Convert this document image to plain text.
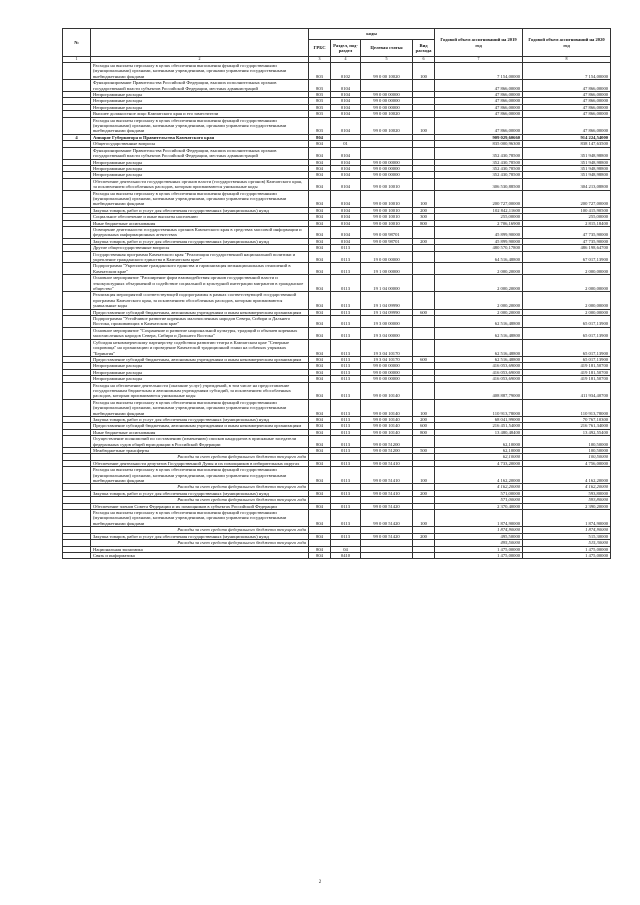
№		коды				Годовой объем ассигнований на 2019 год	Годовой объем ассигнований на 2020 год
		ГРБС	Раздел, под-раздел	Целевая статья	Вид расхода		
1	2	3	4	5	6	7	8
	Расходы на выплаты персоналу в целях обеспечения выполнения функций государственными (муниципальными) органами, казенными учреждениями, органами управления государственными внебюджетными фондами	803	0102	99 0 00 10020	100	7 154,00000	7 154,00000
	Функционирование Правительства Российской Федерации, высших исполнительных органов государственной власти субъектов Российской Федерации, местных администраций	803	0104			47 866,00000	47 866,00000
	Непрограммные расходы	803	0104	99 0 00 00000		47 866,00000	47 866,00000
	Непрограммные расходы	803	0104	99 0 00 00000		47 866,00000	47 866,00000
	Непрограммные расходы	803	0104	99 0 00 00000		47 866,00000	47 866,00000
	Высшее должностное лицо Камчатского края и его заместители	803	0104	99 0 00 10020		47 866,00000	47 866,00000
	Расходы на выплаты персоналу в целях обеспечения выполнения функций государственными (муниципальными) органами, казенными учреждениями, органами управления государственными внебюджетными фондами	803	0104	99 0 00 10020	100	47 866,00000	47 866,00000
4	Аппарат Губернатора и Правительства Камчатского края	804				909 029,60660	914 224,54000
	Общегосударственные вопросы	804	01			835 000,96300	838 147,63500
	Функционирование Правительства Российской Федерации, высших исполнительных органов государственной власти субъектов Российской Федерации, местных администраций	804	0104			352 430,78500	351 948,98800
	Непрограммные расходы	804	0104	99 0 00 00000		352 430,78500	351 948,98800
	Непрограммные расходы	804	0104	99 0 00 00000		352 430,78500	351 948,98800
	Непрограммные расходы	804	0104	99 0 00 00000		352 430,78500	351 948,98800
	Обеспечение деятельности государственных органов власти (государственных органов) Камчатского края, за исключением обособленных расходов, которым присваиваются уникальные коды	804	0104	99 0 00 10010		306 530,88500	304 213,08800
	Расходы на выплаты персоналу в целях обеспечения выполнения функций государственными (муниципальными) органами, казенными учреждениями, органами управления государственными внебюджетными фондами	804	0104	99 0 00 10010	100	200 727,00000	200 727,00000
	Закупка товаров, работ и услуг для обеспечения государственных (муниципальных) нужд	804	0104	99 0 00 10010	200	102 842,11600	100 415,90500
	Социальное обеспечение и иные выплаты населению	804	0104	99 0 00 10010	300	255,00000	255,00000
	Иные бюджетные ассигнования	804	0104	99 0 00 10010	800	2 706,16900	2 815,18400
	Освещение деятельности государственных органов Камчатского края в средствах массовой информации и федеральных информационных агентствах	804	0104	99 0 00 98701		45 899,90000	47 735,90000
	Закупка товаров, работ и услуг для обеспечения государственных (муниципальных) нужд	804	0104	99 0 00 98701	200	45 899,90000	47 735,90000
	Другие общегосударственные вопросы	804	0113			480 570,17800	486 198,64700
	Государственная программа Камчатского края "Реализация государственной национальной политики и укрепление гражданского единства в Камчатском крае"	804	0113	19 0 00 00000		64 516,48800	67 017,13900
	Подпрограмма "Укрепление гражданского единства и гармонизация межнациональных отношений в Камчатском крае"	804	0113	19 1 00 00000		2 000,20000	2 000,00000
	Основное мероприятие "Расширение форм взаимодействия органов государственной власти и этнокультурных объединений и содействие социальной и культурной интеграции мигрантов в гражданское общество"	804	0113	19 1 04 00000		2 000,20000	2 000,00000
	Реализация мероприятий соответствующей подпрограммы в рамках соответствующей государственной программы Камчатского края, за исключением обособленных расходов, которым присваиваются уникальные коды	804	0113	19 1 04 09990		2 000,20000	2 000,00000
	Предоставление субсидий бюджетным, автономным учреждениям и иным некоммерческим организациям	804	0113	19 1 04 09990	600	2 000,20000	2 000,00000
	Подпрограмма "Устойчивое развитие коренных малочисленных народов Севера, Сибири и Дальнего Востока, проживающих в Камчатском крае"	804	0113	19 3 00 00000		62 516,48800	65 017,13900
	Основное мероприятие "Сохранение и развитие национальной культуры, традиций и обычаев коренных малочисленных народов Севера, Сибири и Дальнего Востока"	804	0113	19 3 04 00000		62 516,48800	65 017,13900
	Субсидия некоммерческому партнерству содействия развитию театра в Камчатском крае "Северные сокровища" на организацию и проведение Камчатской традиционной гонки на собачьих упряжках "Берингия"	804	0113	19 3 04 10170		62 516,48800	65 017,13900
	Предоставление субсидий бюджетным, автономным учреждениям и иным некоммерческим организациям	804	0113	19 3 04 10170	600	62 516,48800	65 017,13900
	Непрограммные расходы	804	0113	99 0 00 00000		416 053,69000	419 181,50700
	Непрограммные расходы	804	0113	99 0 00 00000		416 053,69000	419 181,50700
	Непрограммные расходы	804	0113	99 0 00 00000		416 053,69000	419 181,50700
	Расходы на обеспечение деятельности (оказание услуг) учреждений, в том числе на предоставление государственным бюджетным и автономным учреждениям субсидий, за исключением обособленных расходов, которым присваиваются уникальные коды	804	0113	99 0 00 10140		408 887,79000	411 934,40700
	Расходы на выплаты персоналу в целях обеспечения выполнения функций государственными (муниципальными) органами, казенными учреждениями, органами управления государственными внебюджетными фондами	804	0113	99 0 00 10140	100	110 913,78000	110 913,78000
	Закупка товаров, работ и услуг для обеспечения государственных (муниципальных) нужд	804	0113	99 0 00 10140	200	68 041,99000	70 767,10300
	Предоставление субсидий бюджетным, автономным учреждениям и иным некоммерческим организациям	804	0113	99 0 00 10140	600	216 451,54000	216 761,34000
	Иные бюджетные ассигнования	804	0113	99 0 00 10140	800	13 480,48400	13 492,55400
	Осуществление полномочий по составлению (изменению) списков кандидатов в присяжные заседатели федеральных судов общей юрисдикции в Российской Федерации	804	0113	99 0 00 51200		62,10000	100,50000
	Межбюджетные трансферты	804	0113	99 0 00 51200	500	62,10000	100,50000
	Расходы за счет средств федерального бюджета текущего года					62,10000	100,50000
	Обеспечение деятельности депутатов Государственной Думы и их помощников в избирательных округах	804	0113	99 0 00 51410		4 733,20000	4 756,00000
	Расходы на выплаты персоналу в целях обеспечения выполнения функций государственными (муниципальными) органами, казенными учреждениями, органами управления государственными внебюджетными фондами	804	0113	99 0 00 51410	100	4 162,20000	4 162,20000
	Расходы за счет средств федерального бюджета текущего года					4 162,20000	4 162,20000
	Закупка товаров, работ и услуг для обеспечения государственных (муниципальных) нужд	804	0113	99 0 00 51410	200	571,00000	593,80000
	Расходы за счет средств федерального бюджета текущего года					571,00000	593,80000
	Обеспечение членов Совета Федерации и их помощников в субъектах Российской Федерации	804	0113	99 0 00 51420		2 370,40000	2 390,20000
	Расходы на выплаты персоналу в целях обеспечения выполнения функций государственными (муниципальными) органами, казенными учреждениями, органами управления государственными внебюджетными фондами	804	0113	99 0 00 51420	100	1 874,90000	1 874,90000
	Расходы за счет средств федерального бюджета текущего года					1 874,90000	1 874,90000
	Закупка товаров, работ и услуг для обеспечения государственных (муниципальных) нужд	804	0113	99 0 00 51420	200	495,50000	515,30000
	Расходы за счет средств федерального бюджета текущего года					495,50000	515,30000
	Национальная экономика	804	04			1 475,00000	1 475,00000
	Связь и информатика	804	0410			1 475,00000	1 475,00000
2
